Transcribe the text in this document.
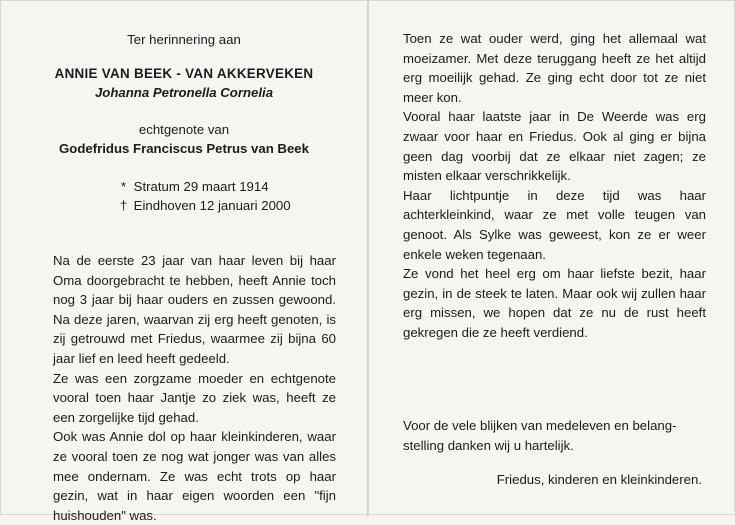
Ter herinnering aan
ANNIE VAN BEEK - VAN AKKERVEKEN
Johanna Petronella Cornelia
echtgenote van
Godefridus Franciscus Petrus van Beek
* Stratum 29 maart 1914
† Eindhoven 12 januari 2000

Na de eerste 23 jaar van haar leven bij haar Oma doorgebracht te hebben, heeft Annie toch nog 3 jaar bij haar ouders en zussen gewoond. Na deze jaren, waarvan zij erg heeft genoten, is zij getrouwd met Friedus, waarmee zij bijna 60 jaar lief en leed heeft gedeeld.

Ze was een zorgzame moeder en echtgenote vooral toen haar Jantje zo ziek was, heeft ze een zorgelijke tijd gehad.

Ook was Annie dol op haar kleinkinderen, waar ze vooral toen ze nog wat jonger was van alles mee ondernam. Ze was echt trots op haar gezin, wat in haar eigen woorden een "fijn huishouden" was.

Toen ze wat ouder werd, ging het allemaal wat moeizamer. Met deze teruggang heeft ze het altijd erg moeilijk gehad. Ze ging echt door tot ze niet meer kon.

Vooral haar laatste jaar in De Weerde was erg zwaar voor haar en Friedus. Ook al ging er bijna geen dag voorbij dat ze elkaar niet zagen; ze misten elkaar verschrikkelijk.

Haar lichtpuntje in deze tijd was haar achterkleinkind, waar ze met volle teugen van genoot. Als Sylke was geweest, kon ze er weer enkele weken tegenaan.

Ze vond het heel erg om haar liefste bezit, haar gezin, in de steek te laten. Maar ook wij zullen haar erg missen, we hopen dat ze nu de rust heeft gekregen die ze heeft verdiend.

Voor de vele blijken van medeleven en belang-

stelling danken wij u hartelijk.

Friedus, kinderen en kleinkinderen.
